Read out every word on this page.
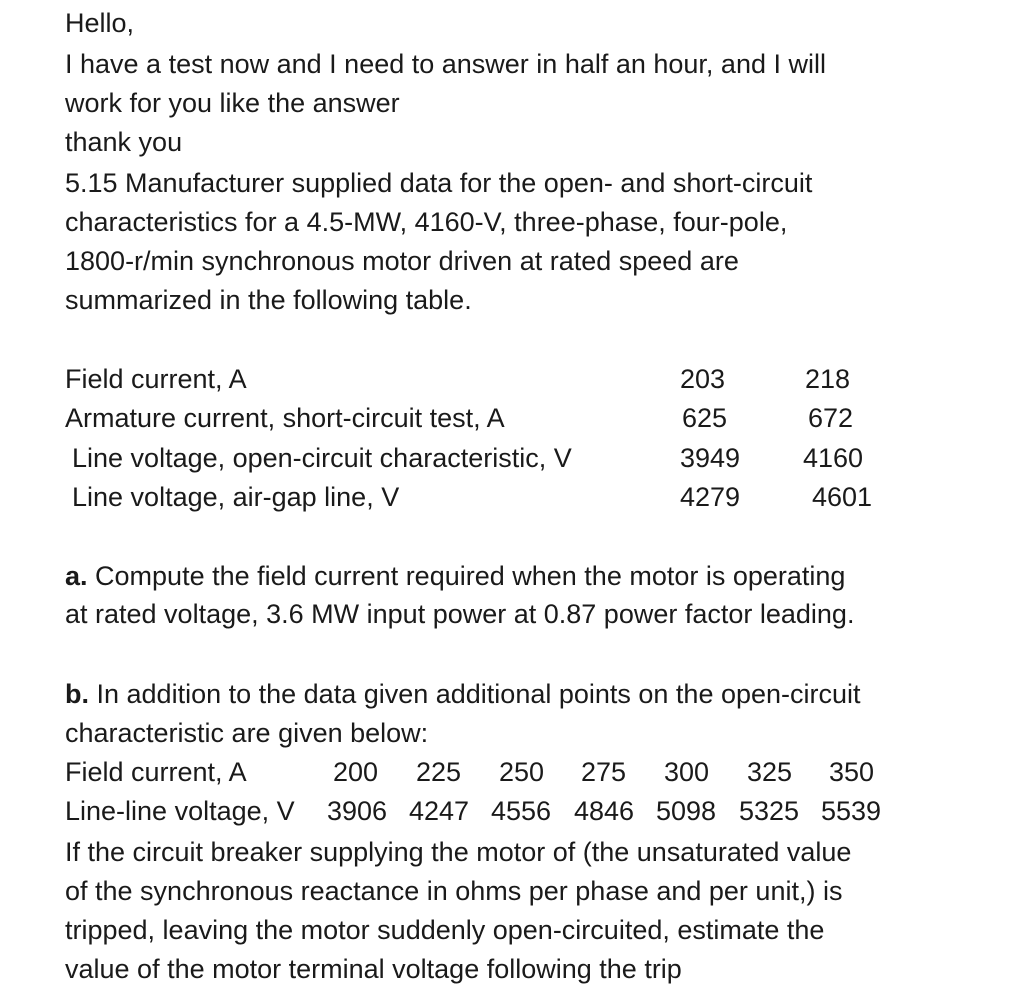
Hello,
I have a test now and I need to answer in half an hour, and I will
work for you like the answer
thank you
5.15 Manufacturer supplied data for the open- and short-circuit
characteristics for a 4.5-MW, 4160-V, three-phase, four-pole,
1800-r/min synchronous motor driven at rated speed are
summarized in the following table.
Field current, A	203	218
Armature current, short-circuit test, A	625	672
Line voltage, open-circuit characteristic, V	3949 4160
Line voltage, air-gap line, V	4279	4601
a. Compute the field current required when the motor is operating
at rated voltage, 3.6 MW input power at 0.87 power factor leading.
b. In addition to the data given additional points on the open-circuit
characteristic are given below:
Field current, A	200 225 250 275 300 325 350
Line-line voltage, V 3906 4247 4556 4846 5098 5325 5539
If the circuit breaker supplying the motor of (the unsaturated value
of the synchronous reactance in ohms per phase and per unit,) is
tripped, leaving the motor suddenly open-circuited, estimate the
value of the motor terminal voltage following the trip
